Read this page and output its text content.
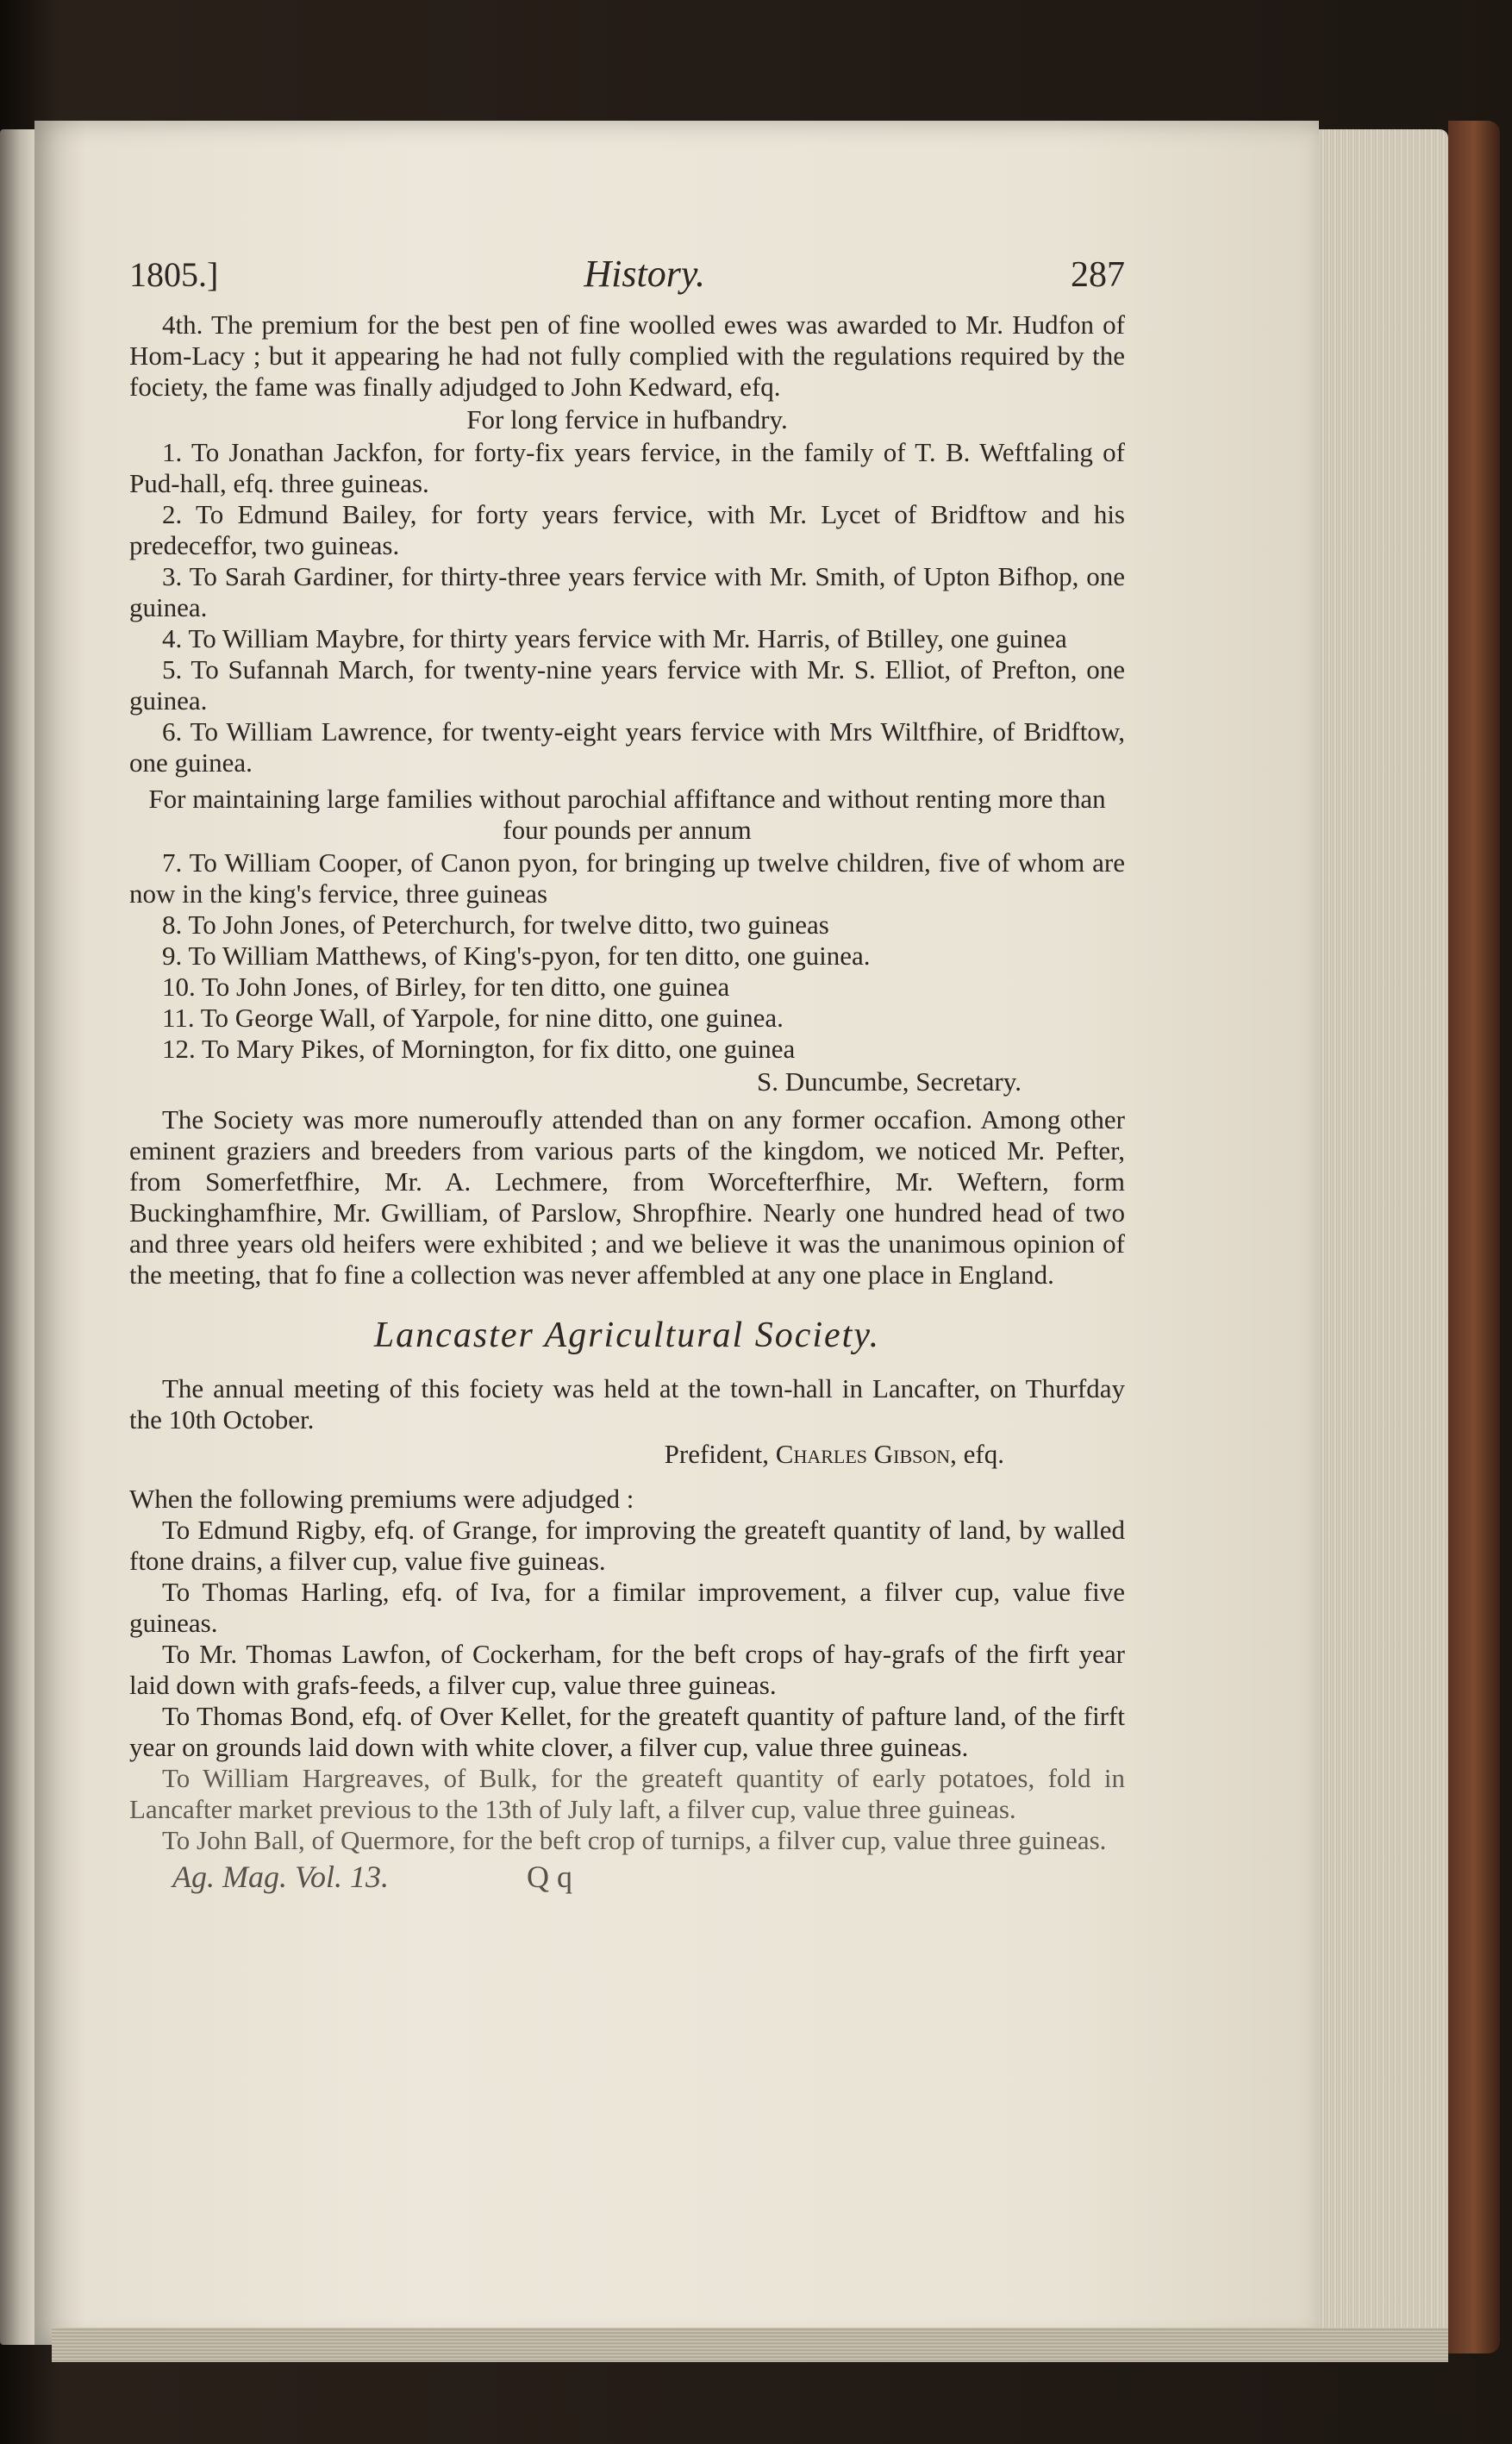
1805.]	History.	287

4th. The premium for the best pen of fine woolled ewes was awarded to Mr. Hudfon of Hom-Lacy ; but it appearing he had not fully complied with the regulations required by the fociety, the fame was finally adjudged to John Kedward, efq.

For long fervice in hufbandry.

1. To Jonathan Jackfon, for forty-fix years fervice, in the family of T. B. Weftfaling of Pud-hall, efq. three guineas.

2. To Edmund Bailey, for forty years fervice, with Mr. Lycet of Bridftow and his predeceffor, two guineas.

3. To Sarah Gardiner, for thirty-three years fervice with Mr. Smith, of Upton Bifhop, one guinea.

4. To William Maybre, for thirty years fervice with Mr. Harris, of Btilley, one guinea

5. To Sufannah March, for twenty-nine years fervice with Mr. S. Elliot, of Prefton, one guinea.

6. To William Lawrence, for twenty-eight years fervice with Mrs Wiltfhire, of Bridftow, one guinea.

For maintaining large families without parochial affiftance and without renting more than four pounds per annum

7. To William Cooper, of Canon pyon, for bringing up twelve children, five of whom are now in the king's fervice, three guineas

8. To John Jones, of Peterchurch, for twelve ditto, two guineas

9. To William Matthews, of King's-pyon, for ten ditto, one guinea.

10. To John Jones, of Birley, for ten ditto, one guinea

11. To George Wall, of Yarpole, for nine ditto, one guinea.

12. To Mary Pikes, of Mornington, for fix ditto, one guinea

S. Duncumbe, Secretary.

The Society was more numeroufly attended than on any former occafion. Among other eminent graziers and breeders from various parts of the kingdom, we noticed Mr. Pefter, from Somerfetfhire, Mr. A. Lechmere, from Worcefterfhire, Mr. Weftern, form Buckinghamfhire, Mr. Gwilliam, of Parslow, Shropfhire. Nearly one hundred head of two and three years old heifers were exhibited ; and we believe it was the unanimous opinion of the meeting, that fo fine a collection was never affembled at any one place in England.

Lancaster Agricultural Society.

The annual meeting of this fociety was held at the town-hall in Lancafter, on Thurfday the 10th October.

Prefident, Charles Gibson, efq.

When the following premiums were adjudged :

To Edmund Rigby, efq. of Grange, for improving the greateft quantity of land, by walled ftone drains, a filver cup, value five guineas.

To Thomas Harling, efq. of Iva, for a fimilar improvement, a filver cup, value five guineas.

To Mr. Thomas Lawfon, of Cockerham, for the beft crops of hay-grafs of the firft year laid down with grafs-feeds, a filver cup, value three guineas.

To Thomas Bond, efq. of Over Kellet, for the greateft quantity of pafture land, of the firft year on grounds laid down with white clover, a filver cup, value three guineas.

To William Hargreaves, of Bulk, for the greateft quantity of early potatoes, fold in Lancafter market previous to the 13th of July laft, a filver cup, value three guineas.

To John Ball, of Quermore, for the beft crop of turnips, a filver cup, value three guineas.

Ag. Mag. Vol. 13.	Q q
